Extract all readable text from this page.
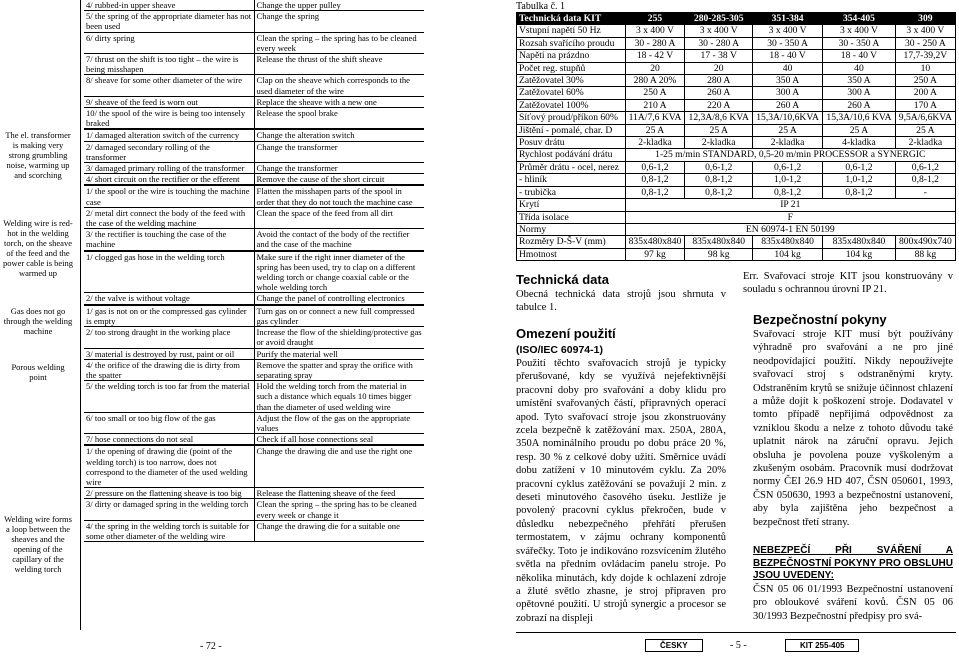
The el. transformer is making very strong grumbling noise, warming up and scorching
Welding wire is red-hot in the welding torch, on the sheave of the feed and the power cable is being warmed up
Gas does not go through the welding machine
Porous welding point
Welding wire forms a loop between the sheaves and the opening of the capillary of the welding torch
4/ rubbed-in upper sheave	Change the upper pulley
5/ the spring of the appropriate diameter has not been used	Change the spring
6/ dirty spring	Clean the spring – the spring has to be cleaned every week
7/ thrust on the shift is too tight – the wire is being misshapen	Release the thrust of the shift sheave
8/ sheave for some other diameter of the wire	Clap on the sheave which corresponds to the used diameter of the wire
9/ sheave of the feed is worn out	Replace the sheave with a new one
10/ the spool of the wire is being too intensely braked	Release the spool brake
1/ damaged alteration switch of the currency	Change the alteration switch
2/ damaged secondary rolling of the transformer	Change the transformer
3/ damaged primary rolling of the transformer	Change the transformer
4/ short circuit on the rectifier or the efferent	Remove the cause of the short circuit
1/ the spool or the wire is touching the machine case	Flatten the misshapen parts of the spool in order that they do not touch the machine case
2/ metal dirt connect the body of the feed with the case of the welding machine	Clean the space of the feed from all dirt
3/ the rectifier is touching the case of the machine	Avoid the contact of the body of the rectifier and the case of the machine
1/ clogged gas hose in the welding torch	Make sure if the right inner diameter of the spring has been used, try to clap on a different welding torch or change coaxial cable or the whole welding torch
2/ the valve is without voltage	Change the panel of controlling electronics
1/ gas is not on or the compressed gas cylinder is empty	Turn gas on or connect a new full compressed gas cylinder
2/ too strong draught in the working place	Increase the flow of the shielding/protective gas or avoid draught
3/ material is destroyed by rust, paint or oil	Purify the material well
4/ the orifice of the drawing die is dirty from the spatter	Remove the spatter and spray the orifice with separating spray
5/ the welding torch is too far from the material	Hold the welding torch from the material in such a distance which equals 10 times bigger than the diameter of used welding wire
6/ too small or too big flow of the gas	Adjust the flow of the gas on the appropriate values
7/ hose connections do not seal	Check if all hose connections seal
1/ the opening of drawing die (point of the welding torch) is too narrow, does not correspond to the diameter of the used welding wire	Change the drawing die and use the right one
2/ pressure on the flattening sheave is too big	Release the flattening sheave of the feed
3/ dirty or damaged spring in the welding torch	Clean the spring – the spring has to be cleaned every week or change it
4/ the spring in the welding torch is suitable for some other diameter of the welding wire	Change the drawing die for a suitable one
- 72 -
Tabulka č. 1
Technická data KIT	255	280-285-305	351-384	354-405	309
Vstupní napětí 50 Hz	3 x 400 V	3 x 400 V	3 x 400 V	3 x 400 V	3 x 400 V
Rozsah svařícího proudu	30 - 280 A	30 - 280 A	30 - 350 A	30 - 350 A	30 - 250 A
Napětí na prázdno	18 - 42 V	17 - 38 V	18 - 40 V	18 - 40 V	17,7-39,2V
Počet reg. stupňů	20	20	40	40	10
Zatěžovatel 30%	280 A 20%	280 A	350 A	350 A	250 A
Zatěžovatel 60%	250 A	260 A	300 A	300 A	200 A
Zatěžovatel 100%	210 A	220 A	260 A	260 A	170 A
Síťový proud/příkon 60%	11A/7,6 KVA	12,3A/8,6 KVA	15,3A/10,6KVA	15,3A/10,6 KVA	9,5A/6,6KVA
Jištění - pomalé, char. D	25 A	25 A	25 A	25 A	25 A
Posuv drátu	2-kladka	2-kladka	2-kladka	4-kladka	2-kladka
Rychlost podávání drátu	1-25 m/min STANDARD, 0,5-20 m/min PROCESSOR a SYNERGIC				
Průměr drátu - ocel, nerez	0,6-1,2	0,6-1,2	0,6-1,2	0,6-1,2	0,6-1,2
- hliník	0,8-1,2	0,8-1,2	1,0-1,2	1,0-1,2	0,8-1,2
- trubička	0,8-1,2	0,8-1,2	0,8-1,2	0,8-1,2	-
Krytí	IP 21				
Třída isolace	F				
Normy	EN 60974-1 EN 50199				
Rozměry D-Š-V (mm)	835x480x840	835x480x840	835x480x840	835x480x840	800x490x740
Hmotnost	97 kg	98 kg	104 kg	104 kg	88 kg
Technická data
Obecná technická data strojů jsou shrnuta v tabulce 1.
Omezení použití
(ISO/IEC 60974-1)
Použití těchto svařovacích strojů je typicky přerušované, kdy se využívá nejefektivnější pracovní doby pro svařování a doby klidu pro umístění svařovaných částí, připravných operací apod. Tyto svařovací stroje jsou zkonstruovány zcela bezpečně k zatěžování max. 250A, 280A, 350A nominálního proudu po dobu práce 20 %, resp. 30 % z celkové doby užití. Směrnice uvádí dobu zatížení v 10 minutovém cyklu. Za 20% pracovní cyklus zatěžování se považují 2 min. z deseti minutového časového úseku. Jestliže je povolený pracovní cyklus překročen, bude v důsledku nebezpečného přehřátí přerušen termostatem, v zájmu ochrany komponentů svářečky. Toto je indikováno rozsvícením žlutého světla na předním ovládacím panelu stroje. Po několika minutách, kdy dojde k ochlazení zdroje a žluté světlo zhasne, je stroj připraven pro opětovné použití. U strojů synergic a procesor se zobrazí na displeji
Err. Svařovací stroje KIT jsou konstruovány v souladu s ochrannou úrovní IP 21.
Bezpečnostní pokyny
Svařovací stroje KIT musí být používány výhradně pro svařování a ne pro jiné neodpovídající použití. Nikdy nepoužívejte svařovací stroj s odstraněnými kryty. Odstraněním krytů se snižuje účinnost chlazení a může dojít k poškození stroje. Dodavatel v tomto případě nepřijímá odpovědnost za vzniklou škodu a nelze z tohoto důvodu také uplatnit nárok na záruční opravu. Jejich obsluha je povolena pouze vyškoleným a zkušeným osobám. Pracovník musí dodržovat normy ČEI 26.9 HD 407, ČSN 050601, 1993, ČSN 050630, 1993 a bezpečnostní ustanovení, aby byla zajištěna jeho bezpečnost a bezpečnost třetí strany.
NEBEZPEČÍ PŘI SVÁŘENÍ A BEZPEČNOSTNÍ POKYNY PRO OBSLUHU JSOU UVEDENY:
ČSN 05 06 01/1993 Bezpečnostní ustanovení pro obloukové sváření kovů. ČSN 05 06 30/1993 Bezpečnostní předpisy pro svá-
ČESKY	- 5 -	KIT 255-405
